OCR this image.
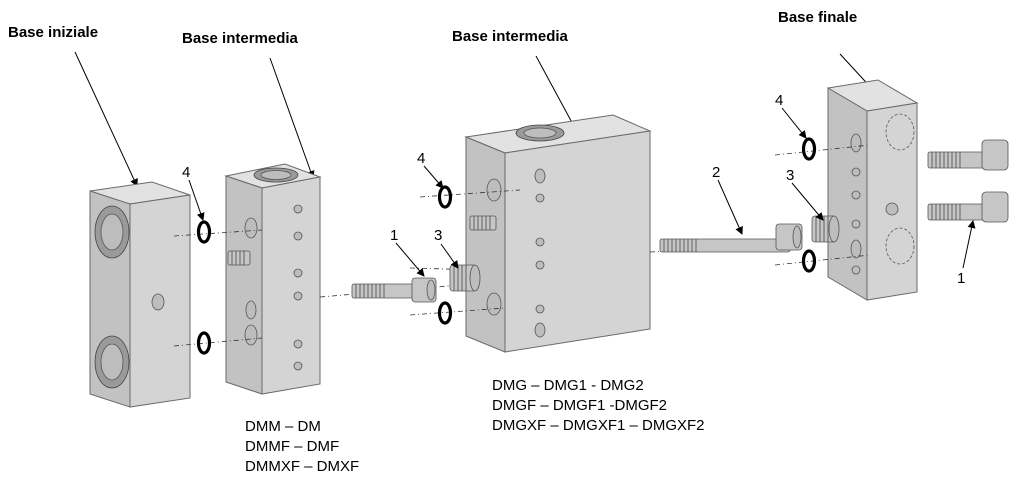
Base iniziale	Base intermedia	Base intermedia
Base finale
1 3
4
4	2
4
3
1
DMM – DM
DMMF – DMF
DMMXF – DMXF
DMG – DMG1 - DMG2
DMGF – DMGF1 -DMGF2
DMGXF – DMGXF1 – DMGXF2
